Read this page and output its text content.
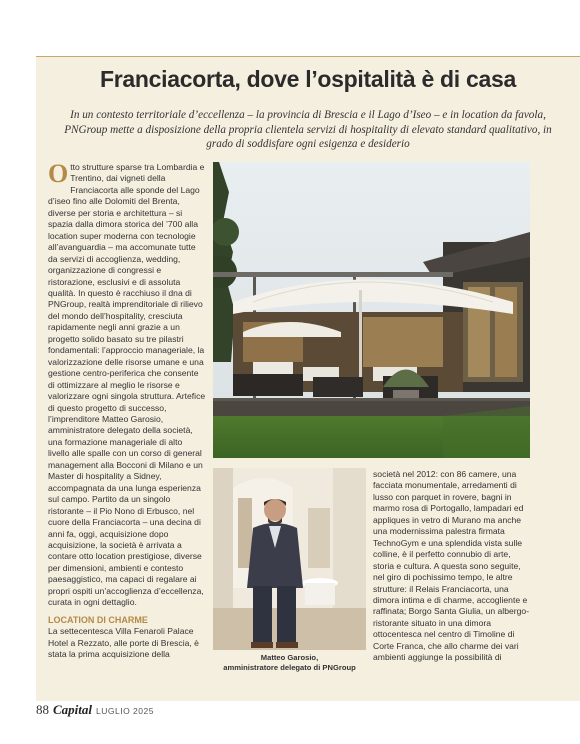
Franciacorta, dove l’ospitalità è di casa
In un contesto territoriale d’eccellenza – la provincia di Brescia e il Lago d’Iseo – e in location da favola, PNGroup mette a disposizione della propria clientela servizi di hospitality di elevato standard qualitativo, in grado di soddisfare ogni esigenza e desiderio

Otto strutture sparse tra Lombardia e Trentino, dai vigneti della Franciacorta alle sponde del Lago d’iseo fino alle Dolomiti del Brenta, diverse per storia e architettura – si spazia dalla dimora storica del ’700 alla location super moderna con tecnologie all’avanguardia – ma accomunate tutte da servizi di accoglienza, wedding, organizzazione di congressi e ristorazione, esclusivi e di assoluta qualità. In questo è racchiuso il dna di PNGroup, realtà imprenditoriale di rilievo del mondo dell’hospitality, cresciuta rapidamente negli anni grazie a un progetto solido basato su tre pilastri fondamentali: l’approccio manageriale, la valorizzazione delle risorse umane e una gestione centro-periferica che consente di ottimizzare al meglio le risorse e valorizzare ogni singola struttura. Artefice di questo progetto di successo, l’imprenditore Matteo Garosio, amministratore delegato della società, una formazione manageriale di alto livello alle spalle con un corso di general management alla Bocconi di Milano e un Master di hospitality a Sidney, accompagnata da una lunga esperienza sul campo. Partito da un singolo ristorante – il Pio Nono di Erbusco, nel cuore della Franciacorta – una decina di anni fa, oggi, acquisizione dopo acquisizione, la società è arrivata a contare otto location prestigiose, diverse per dimensioni, ambienti e contesto paesaggistico, ma capaci di regalare ai propri ospiti un’accoglienza d’eccellenza, curata in ogni dettaglio.

LOCATION DI CHARME

La settecentesca Villa Fenaroli Palace Hotel a Rezzato, alle porte di Brescia, è stata la prima acquisizione della	Matteo Garosio,
amministratore delegato di PNGroup

società nel 2012: con 86 camere, una facciata monumentale, arredamenti di lusso con parquet in rovere, bagni in marmo rosa di Portogallo, lampadari ed appliques in vetro di Murano ma anche una modernissima palestra firmata TechnoGym e una splendida vista sulle colline, è il perfetto connubio di arte, storia e cultura. A questa sono seguite, nel giro di pochissimo tempo, le altre strutture: il Relais Franciacorta, una dimora intima e di charme, accogliente e raffinata; Borgo Santa Giulia, un albergo-ristorante situato in una dimora ottocentesca nel centro di Timoline di Corte Franca, che allo charme dei vari ambienti aggiunge la possibilità di

88 Capital LUGLIO 2025
